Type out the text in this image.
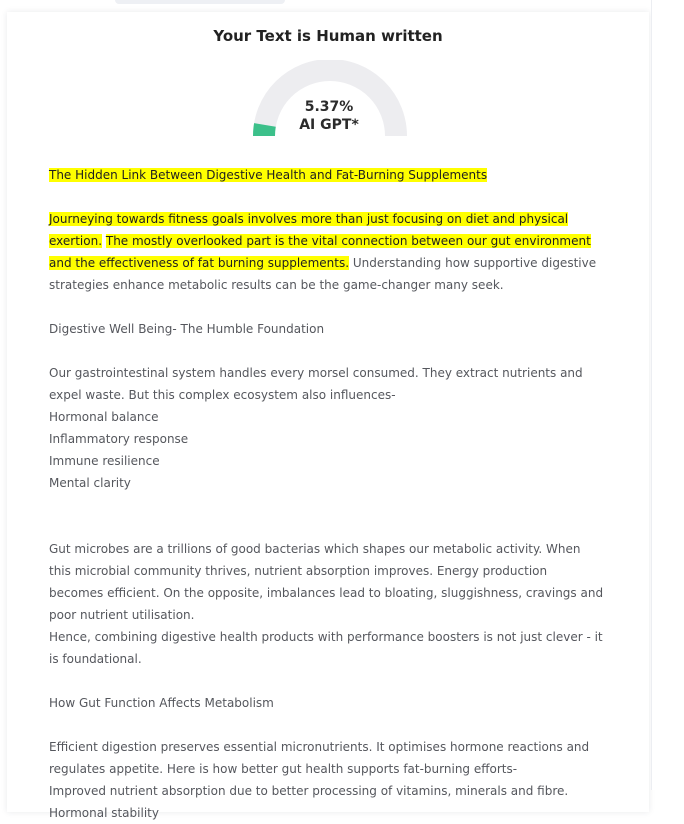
Your Text is Human written
5.37%
AI GPT*

The Hidden Link Between Digestive Health and Fat-Burning Supplements

Journeying towards fitness goals involves more than just focusing on diet and physical exertion. The mostly overlooked part is the vital connection between our gut environment and the effectiveness of fat burning supplements. Understanding how supportive digestive strategies enhance metabolic results can be the game-changer many seek.

Digestive Well Being- The Humble Foundation

Our gastrointestinal system handles every morsel consumed. They extract nutrients and expel waste. But this complex ecosystem also influences-

Hormonal balance

Inflammatory response

Immune resilience

Mental clarity

Gut microbes are a trillions of good bacterias which shapes our metabolic activity. When this microbial community thrives, nutrient absorption improves. Energy production becomes efficient. On the opposite, imbalances lead to bloating, sluggishness, cravings and poor nutrient utilisation.

Hence, combining digestive health products with performance boosters is not just clever - it is foundational.

How Gut Function Affects Metabolism

Efficient digestion preserves essential micronutrients. It optimises hormone reactions and regulates appetite. Here is how better gut health supports fat-burning efforts-

Improved nutrient absorption due to better processing of vitamins, minerals and fibre.

Hormonal stability
